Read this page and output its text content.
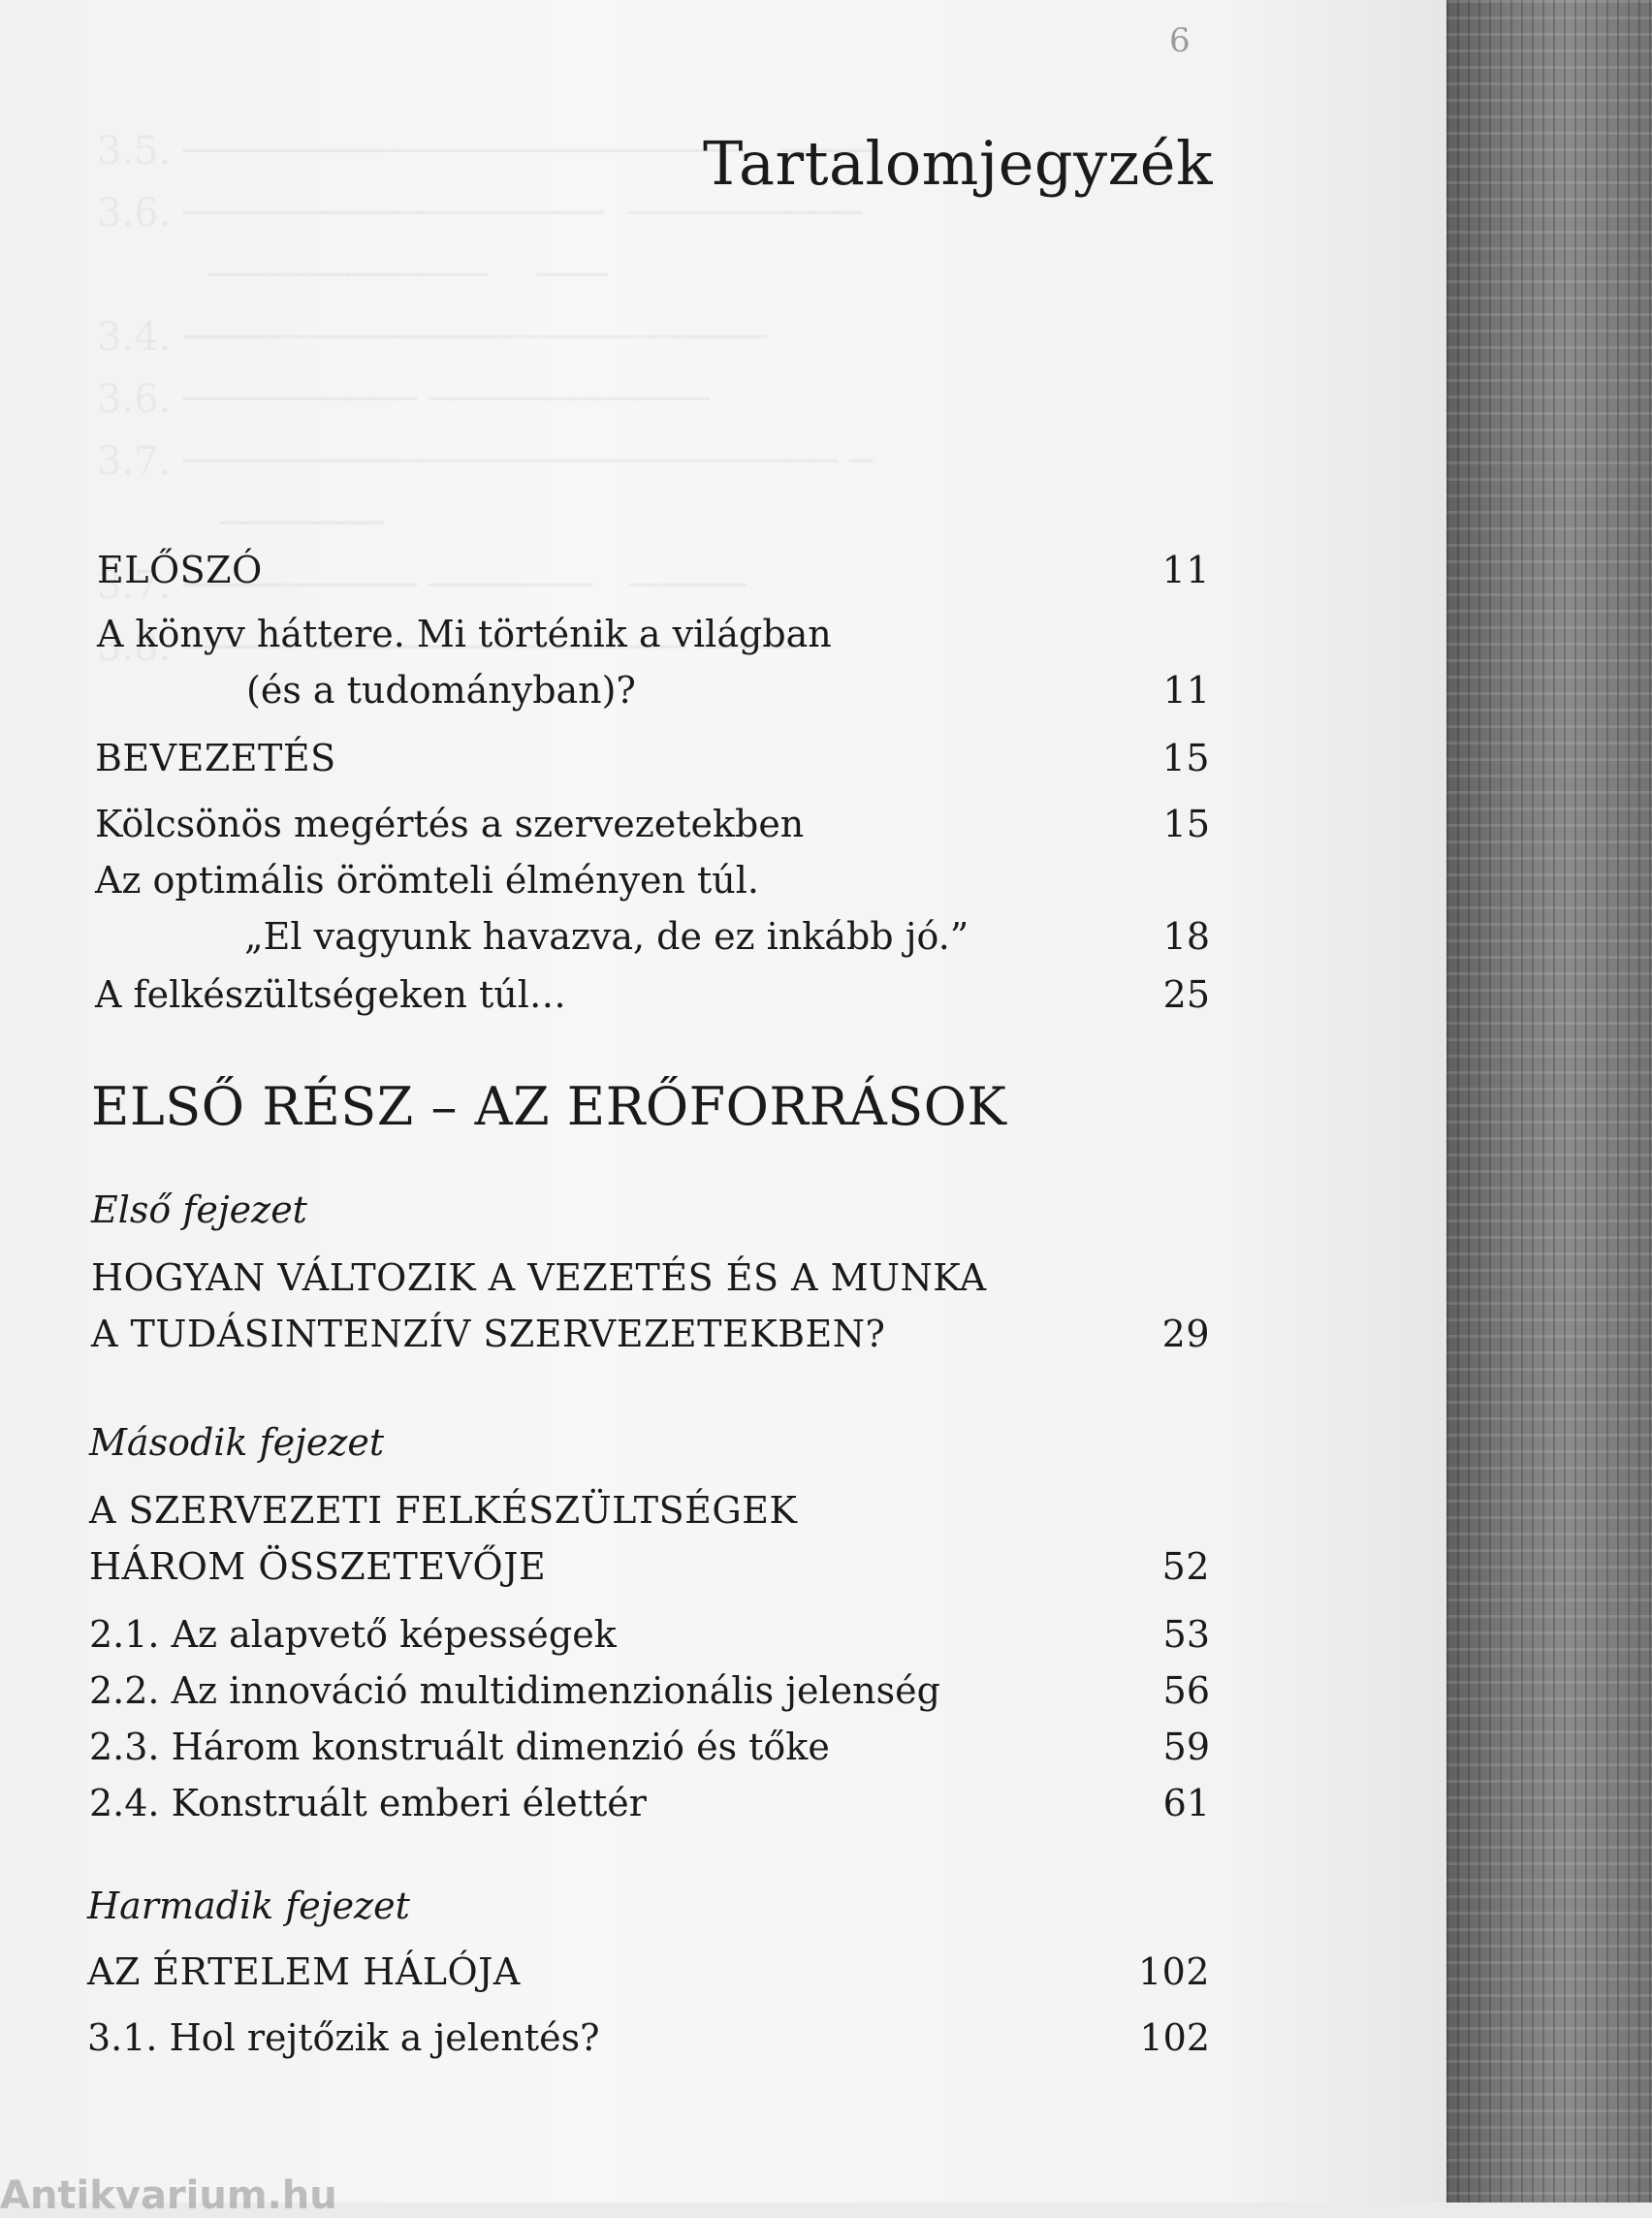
6
Tartalomjegyzék
ELŐSZÓ	11
A könyv háttere. Mi történik a világban
(és a tudományban)?	11
BEVEZETÉS	15
Kölcsönös megértés a szervezetekben	15
Az optimális örömteli élményen túl.
„El vagyunk havazva, de ez inkább jó.”	18
A felkészültségeken túl…	25
ELSŐ RÉSZ – AZ ERŐFORRÁSOK
Első fejezet
HOGYAN VÁLTOZIK A VEZETÉS ÉS A MUNKA
A TUDÁSINTENZÍV SZERVEZETEKBEN?	29
Második fejezet
A SZERVEZETI FELKÉSZÜLTSÉGEK
HÁROM ÖSSZETEVŐJE	52
2.1. Az alapvető képességek	53
2.2. Az innováció multidimenzionális jelenség	56
2.3. Három konstruált dimenzió és tőke	59
2.4. Konstruált emberi élettér	61
Harmadik fejezet
AZ ÉRTELEM HÁLÓJA	102
3.1. Hol rejtőzik a jelentés?	102
Antikvarium.hu
